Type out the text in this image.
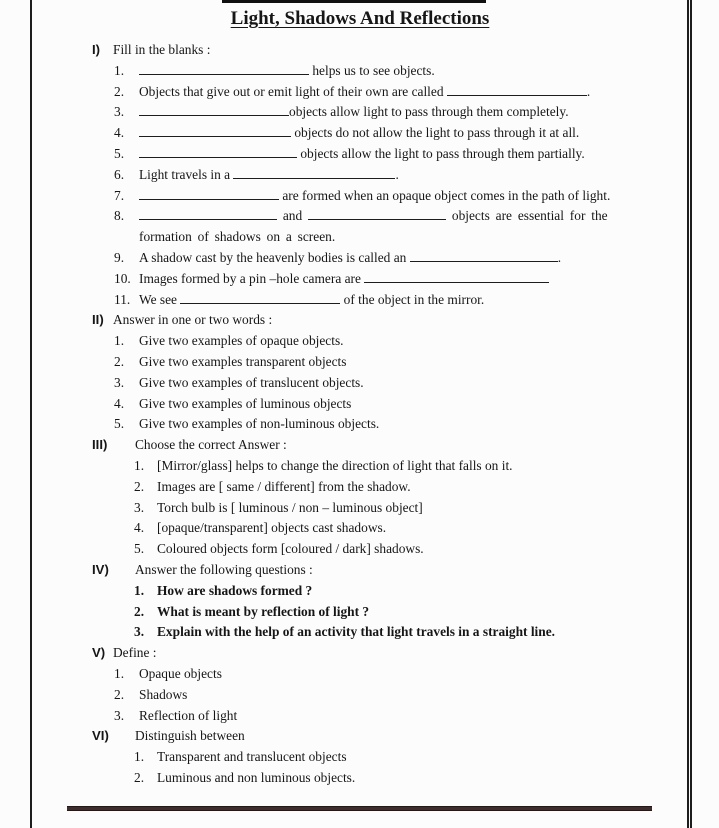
Light, Shadows And Reflections
I) Fill in the blanks :
1.	helps us to see objects.
2.	Objects that give out or emit light of their own are called	.
3.	objects allow light to pass through them completely.
4.	objects do not allow the light to pass through it at all.
5.	objects allow the light to pass through them partially.
6.	Light travels in a	.
7.	are formed when an opaque object comes in the path of light.
8.	and	objects are essential for the formation of shadows on a screen.
9.	A shadow cast by the heavenly bodies is called an	.
10. Images formed by a pin –hole camera are
11. We see	of the object in the mirror.
II) Answer in one or two words :
1.	Give two examples of opaque objects.
2.	Give two examples transparent objects
3.	Give two examples of translucent objects.
4.	Give two examples of luminous objects
5.	Give two examples of non-luminous objects.
III) Choose the correct Answer :
1. [Mirror/glass] helps to change the direction of light that falls on it.
2. Images are [ same / different] from the shadow.
3. Torch bulb is [ luminous / non – luminous object]
4. [opaque/transparent] objects cast shadows.
5. Coloured objects form [coloured / dark] shadows.
IV) Answer the following questions :
1. How are shadows formed ?
2. What is meant by reflection of light ?
3. Explain with the help of an activity that light travels in a straight line.
V) Define :
1.	Opaque objects
2.	Shadows
3.	Reflection of light
VI) Distinguish between
1. Transparent and translucent objects
2. Luminous and non luminous objects.
